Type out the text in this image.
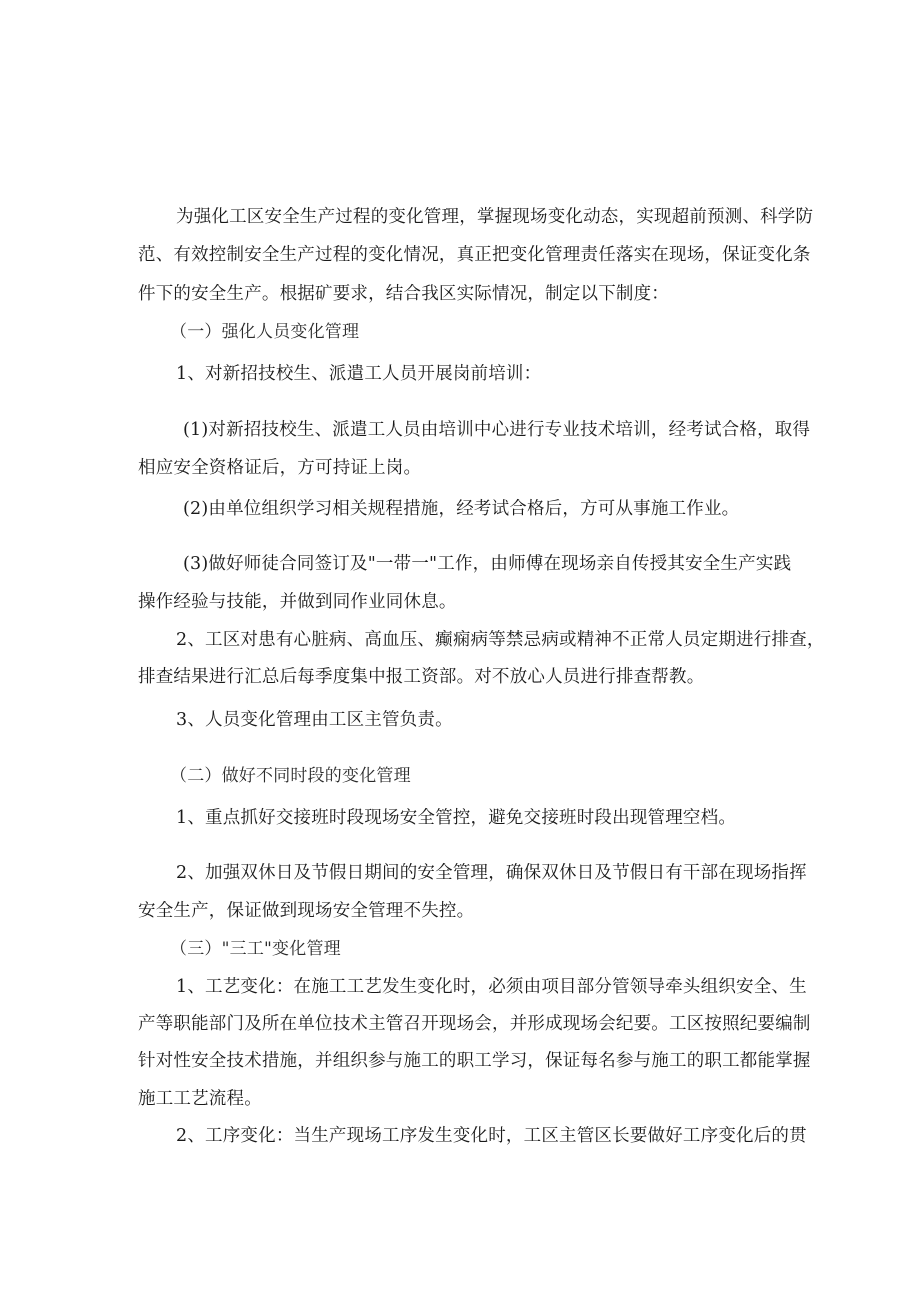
为强化工区安全生产过程的变化管理，掌握现场变化动态，实现超前预测、科学防
范、有效控制安全生产过程的变化情况，真正把变化管理责任落实在现场，保证变化条
件下的安全生产。根据矿要求，结合我区实际情况，制定以下制度：
（一）强化人员变化管理
1、对新招技校生、派遣工人员开展岗前培训：
(1)对新招技校生、派遣工人员由培训中心进行专业技术培训，经考试合格，取得
相应安全资格证后，方可持证上岗。
(2)由单位组织学习相关规程措施，经考试合格后，方可从事施工作业。
(3)做好师徒合同签订及"一带一"工作，由师傅在现场亲自传授其安全生产实践
操作经验与技能，并做到同作业同休息。
2、工区对患有心脏病、高血压、癫痫病等禁忌病或精神不正常人员定期进行排查，
排查结果进行汇总后每季度集中报工资部。对不放心人员进行排查帮教。
3、人员变化管理由工区主管负责。
（二）做好不同时段的变化管理
1、重点抓好交接班时段现场安全管控，避免交接班时段出现管理空档。
2、加强双休日及节假日期间的安全管理，确保双休日及节假日有干部在现场指挥
安全生产，保证做到现场安全管理不失控。
（三）"三工"变化管理
1、工艺变化：在施工工艺发生变化时，必须由项目部分管领导牵头组织安全、生
产等职能部门及所在单位技术主管召开现场会，并形成现场会纪要。工区按照纪要编制
针对性安全技术措施，并组织参与施工的职工学习，保证每名参与施工的职工都能掌握
施工工艺流程。
2、工序变化：当生产现场工序发生变化时，工区主管区长要做好工序变化后的贯
